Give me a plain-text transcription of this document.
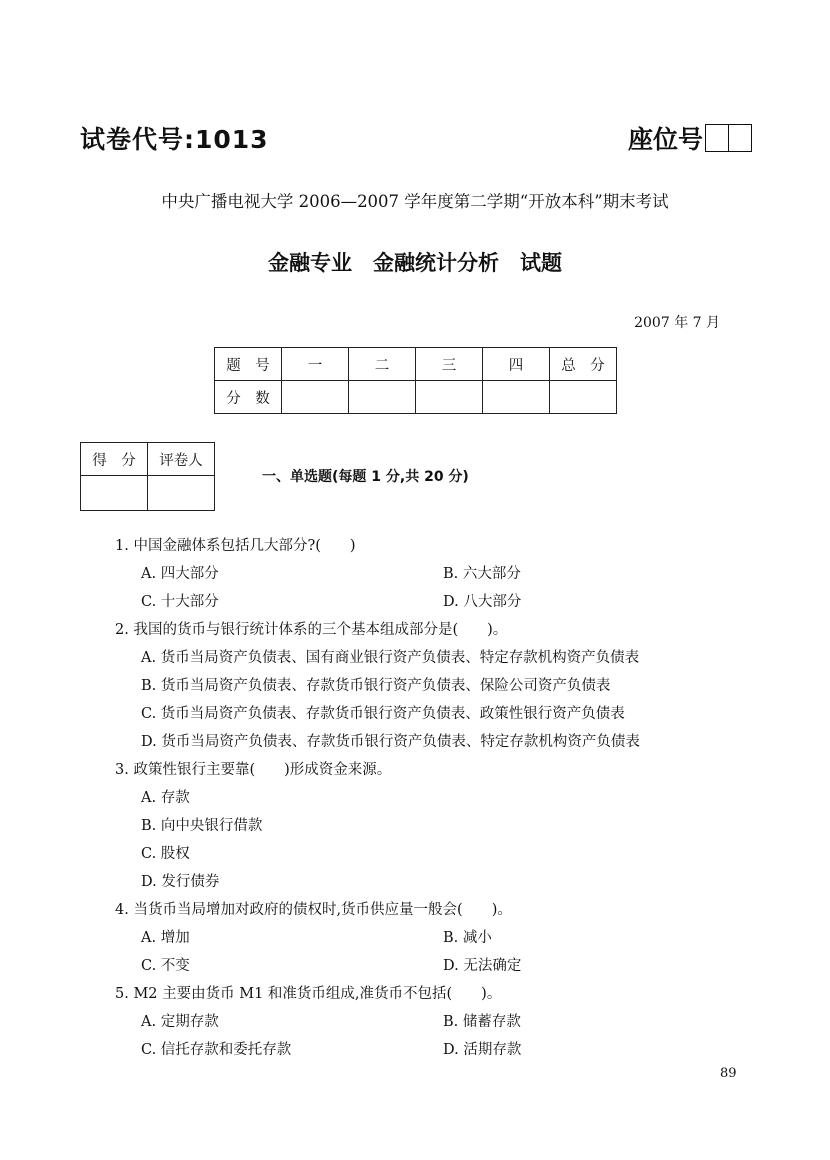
试卷代号:1013	座位号
中央广播电视大学 2006—2007 学年度第二学期“开放本科”期末考试
金融专业　金融统计分析　试题
2007 年 7 月
题　号	一	二	三	四	总　分
分　数					
得　分	评卷人

一、单选题(每题 1 分,共 20 分)
1. 中国金融体系包括几大部分?(　　)
A. 四大部分	B. 六大部分
C. 十大部分	D. 八大部分
2. 我国的货币与银行统计体系的三个基本组成部分是(　　)。
A. 货币当局资产负债表、国有商业银行资产负债表、特定存款机构资产负债表
B. 货币当局资产负债表、存款货币银行资产负债表、保险公司资产负债表
C. 货币当局资产负债表、存款货币银行资产负债表、政策性银行资产负债表
D. 货币当局资产负债表、存款货币银行资产负债表、特定存款机构资产负债表
3. 政策性银行主要靠(　　)形成资金来源。
A. 存款
B. 向中央银行借款
C. 股权
D. 发行债券
4. 当货币当局增加对政府的债权时,货币供应量一般会(　　)。
A. 增加	B. 减小
C. 不变	D. 无法确定
5. M2 主要由货币 M1 和准货币组成,准货币不包括(　　)。
A. 定期存款	B. 储蓄存款
C. 信托存款和委托存款	D. 活期存款
89
